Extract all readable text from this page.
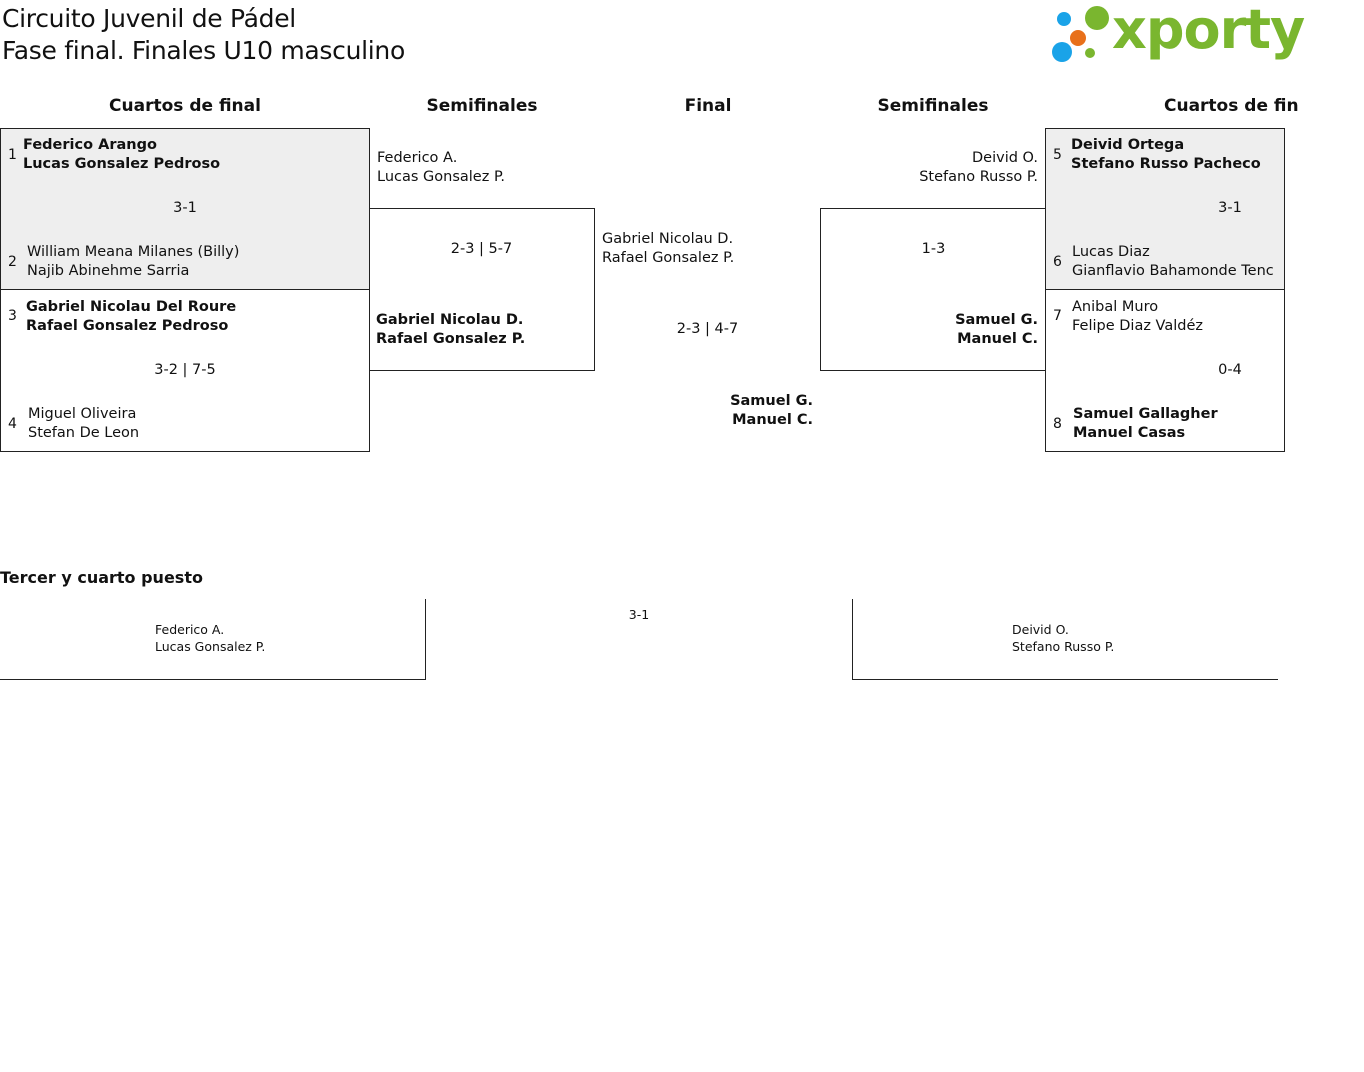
Circuito Juvenil de Pádel
Fase final. Finales U10 masculino	xporty
Cuartos de final	Semifinales	Final	Semifinales	Cuartos de fin
1
Federico Arango
Lucas Gonsalez Pedroso
3-1
2
William Meana Milanes (Billy)
Najib Abinehme Sarria
3
Gabriel Nicolau Del Roure
Rafael Gonsalez Pedroso
3-2 | 7-5
4
Miguel Oliveira
Stefan De Leon
Federico A.
Lucas Gonsalez P.
2-3 | 5-7
Gabriel Nicolau D.
Rafael Gonsalez P.
Gabriel Nicolau D.
Rafael Gonsalez P.
2-3 | 4-7
Samuel G.
Manuel C.
Deivid O.
Stefano Russo P.
1-3
Samuel G.
Manuel C.
5
Deivid Ortega
Stefano Russo Pacheco
3-1
6
Lucas Diaz
Gianflavio Bahamonde Tenc
7
Anibal Muro
Felipe Diaz Valdéz
0-4
8
Samuel Gallagher
Manuel Casas
Tercer y cuarto puesto
Federico A.
Lucas Gonsalez P.
3-1
Deivid O.
Stefano Russo P.
